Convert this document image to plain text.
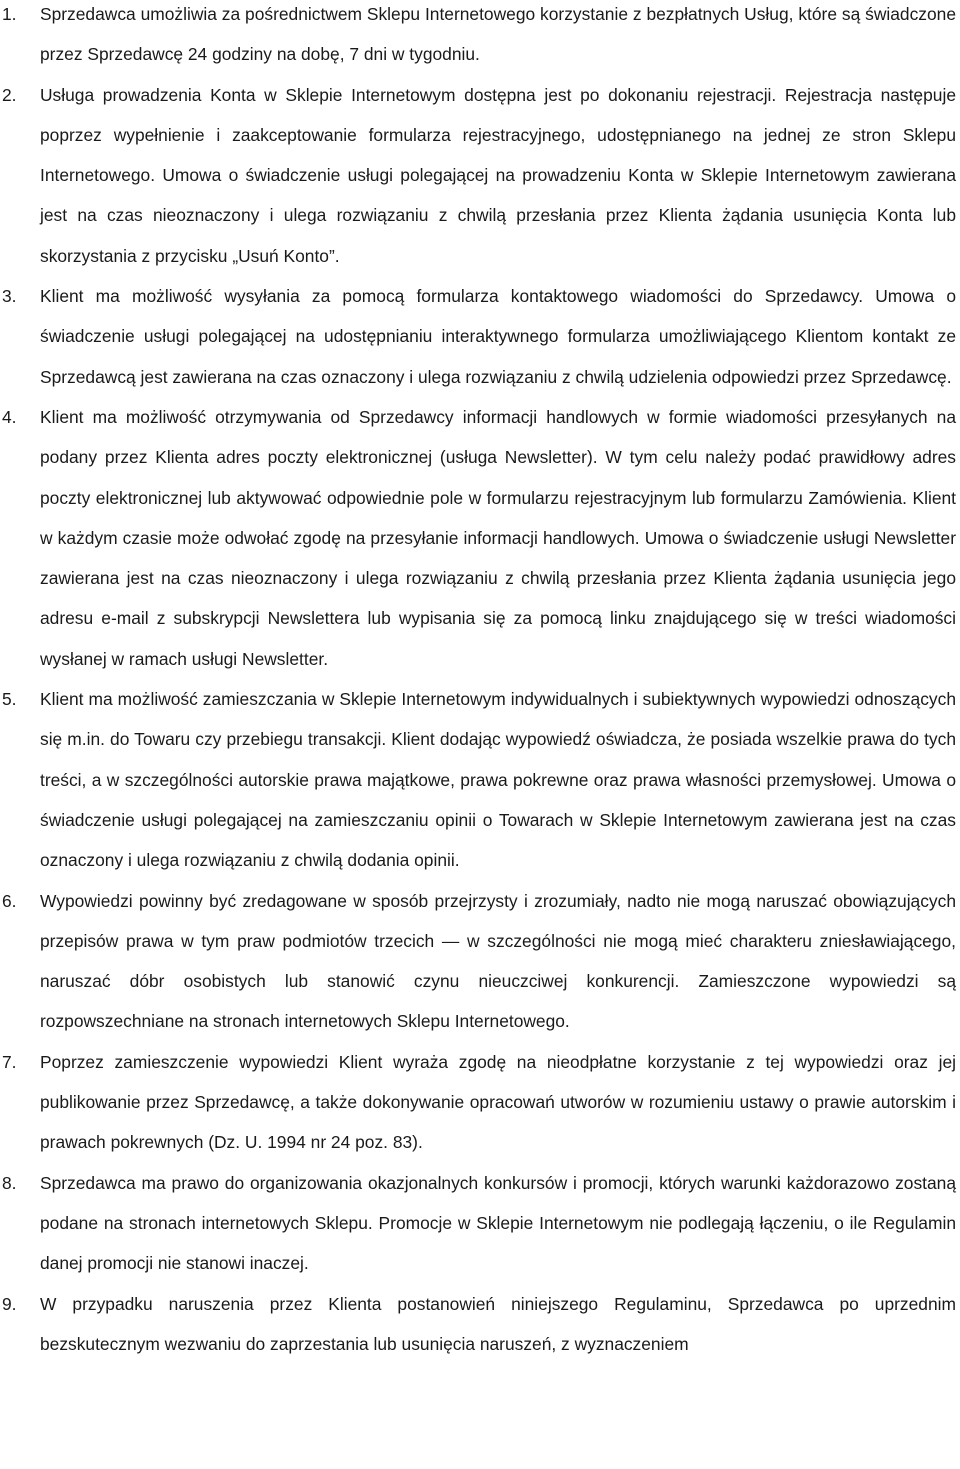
1. Sprzedawca umożliwia za pośrednictwem Sklepu Internetowego korzystanie z bezpłatnych Usług, które są świadczone przez Sprzedawcę 24 godziny na dobę, 7 dni w tygodniu.
2. Usługa prowadzenia Konta w Sklepie Internetowym dostępna jest po dokonaniu rejestracji. Rejestracja następuje poprzez wypełnienie i zaakceptowanie formularza rejestracyjnego, udostępnianego na jednej ze stron Sklepu Internetowego. Umowa o świadczenie usługi polegającej na prowadzeniu Konta w Sklepie Internetowym zawierana jest na czas nieoznaczony i ulega rozwiązaniu z chwilą przesłania przez Klienta żądania usunięcia Konta lub skorzystania z przycisku „Usuń Konto”.
3. Klient ma możliwość wysyłania za pomocą formularza kontaktowego wiadomości do Sprzedawcy. Umowa o świadczenie usługi polegającej na udostępnianiu interaktywnego formularza umożliwiającego Klientom kontakt ze Sprzedawcą jest zawierana na czas oznaczony i ulega rozwiązaniu z chwilą udzielenia odpowiedzi przez Sprzedawcę.
4. Klient ma możliwość otrzymywania od Sprzedawcy informacji handlowych w formie wiadomości przesyłanych na podany przez Klienta adres poczty elektronicznej (usługa Newsletter). W tym celu należy podać prawidłowy adres poczty elektronicznej lub aktywować odpowiednie pole w formularzu rejestracyjnym lub formularzu Zamówienia. Klient w każdym czasie może odwołać zgodę na przesyłanie informacji handlowych. Umowa o świadczenie usługi Newsletter zawierana jest na czas nieoznaczony i ulega rozwiązaniu z chwilą przesłania przez Klienta żądania usunięcia jego adresu e-mail z subskrypcji Newslettera lub wypisania się za pomocą linku znajdującego się w treści wiadomości wysłanej w ramach usługi Newsletter.
5. Klient ma możliwość zamieszczania w Sklepie Internetowym indywidualnych i subiektywnych wypowiedzi odnoszących się m.in. do Towaru czy przebiegu transakcji. Klient dodając wypowiedź oświadcza, że posiada wszelkie prawa do tych treści, a w szczególności autorskie prawa majątkowe, prawa pokrewne oraz prawa własności przemysłowej. Umowa o świadczenie usługi polegającej na zamieszczaniu opinii o Towarach w Sklepie Internetowym zawierana jest na czas oznaczony i ulega rozwiązaniu z chwilą dodania opinii.
6. Wypowiedzi powinny być zredagowane w sposób przejrzysty i zrozumiały, nadto nie mogą naruszać obowiązujących przepisów prawa w tym praw podmiotów trzecich — w szczególności nie mogą mieć charakteru zniesławiającego, naruszać dóbr osobistych lub stanowić czynu nieuczciwej konkurencji. Zamieszczone wypowiedzi są rozpowszechniane na stronach internetowych Sklepu Internetowego.
7. Poprzez zamieszczenie wypowiedzi Klient wyraża zgodę na nieodpłatne korzystanie z tej wypowiedzi oraz jej publikowanie przez Sprzedawcę, a także dokonywanie opracowań utworów w rozumieniu ustawy o prawie autorskim i prawach pokrewnych (Dz. U. 1994 nr 24 poz. 83).
8. Sprzedawca ma prawo do organizowania okazjonalnych konkursów i promocji, których warunki każdorazowo zostaną podane na stronach internetowych Sklepu. Promocje w Sklepie Internetowym nie podlegają łączeniu, o ile Regulamin danej promocji nie stanowi inaczej.
9. W przypadku naruszenia przez Klienta postanowień niniejszego Regulaminu, Sprzedawca po uprzednim bezskutecznym wezwaniu do zaprzestania lub usunięcia naruszeń, z wyznaczeniem
